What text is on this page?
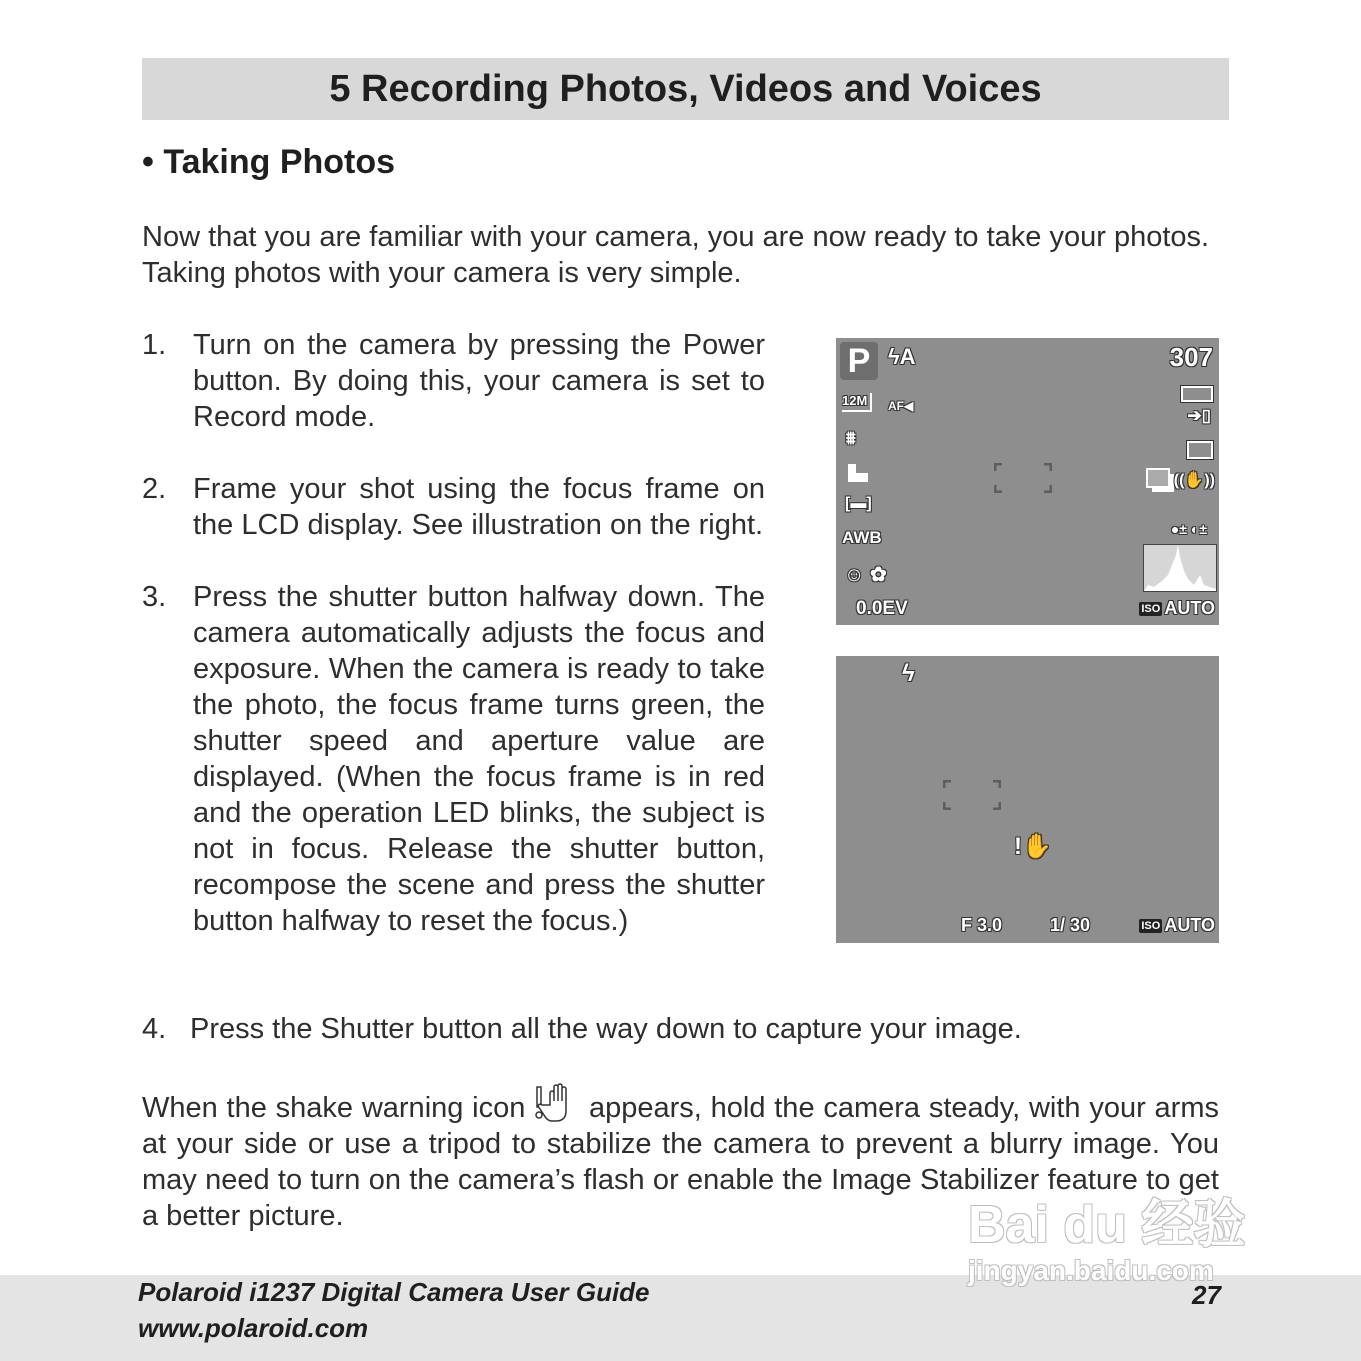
5 Recording Photos, Videos and Voices
• Taking Photos
Now that you are familiar with your camera, you are now ready to take your photos.
Taking photos with your camera is very simple.
1. Turn on the camera by pressing the Power button. By doing this, your camera is set to Record mode.
2. Frame your shot using the focus frame on the LCD display. See illustration on the right.
3. Press the shutter button halfway down. The camera automatically adjusts the focus and exposure. When the camera is ready to take the photo, the focus frame turns green, the shutter speed and aperture value are displayed. (When the focus frame is in red and the operation LED blinks, the subject is not in focus. Release the shutter button, recompose the scene and press the shutter button halfway to reset the focus.)
4. Press the Shutter button all the way down to capture your image.
When the shake warning icon appears, hold the camera steady, with your arms at your side or use a tripod to stabilize the camera to prevent a blurry image. You may need to turn on the camera’s flash or enable the Image Stabilizer feature to get a better picture.
P ϟA	307
12M	AF◀
⩩
[▬]
AWB
☺ ✿
0.0EV
➔▯
((✋))
●± ◐±
ISO AUTO
ϟ
!✋
F 3.0	1/ 30	ISO AUTO
Polaroid i1237 Digital Camera User Guide
www.polaroid.com
27
Bai du 经验
jingyan.baidu.com
